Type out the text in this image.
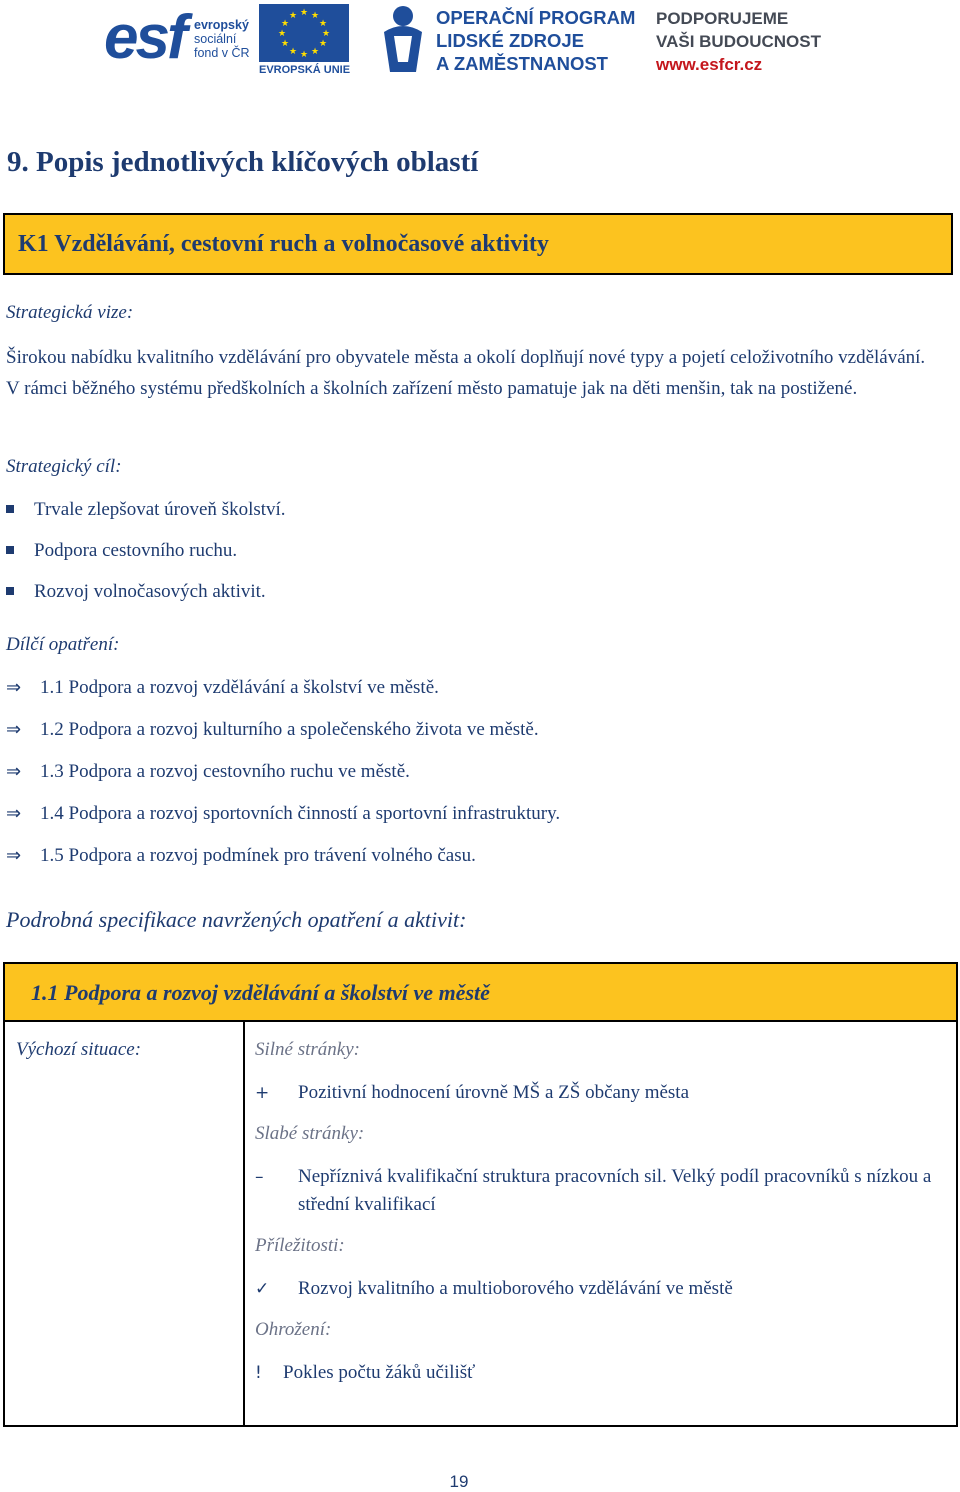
esf evropský
sociální
fond v ČR
★ ★
★
★
★
★
★
★
★
★
★
★
EVROPSKÁ UNIE
OPERAČNÍ PROGRAM
LIDSKÉ ZDROJE
A ZAMĚSTNANOST
PODPORUJEME
VAŠI BUDOUCNOST
www.esfcr.cz
9. Popis jednotlivých klíčových oblastí
K1 Vzdělávání, cestovní ruch a volnočasové aktivity

Strategická vize:

Širokou nabídku kvalitního vzdělávání pro obyvatele města a okolí doplňují nové typy a pojetí celoživotního vzdělávání. V rámci běžného systému předškolních a školních zařízení město pamatuje jak na děti menšin, tak na postižené.

Strategický cíl:

Trvale zlepšovat úroveň školství.
Podpora cestovního ruchu.
Rozvoj volnočasových aktivit.

Dílčí opatření:

⇒ 1.1 Podpora a rozvoj vzdělávání a školství ve městě.
⇒ 1.2 Podpora a rozvoj kulturního a společenského života ve městě.
⇒ 1.3 Podpora a rozvoj cestovního ruchu ve městě.
⇒ 1.4 Podpora a rozvoj sportovních činností a sportovní infrastruktury.
⇒ 1.5 Podpora a rozvoj podmínek pro trávení volného času.

Podrobná specifikace navržených opatření a aktivit:

1.1 Podpora a rozvoj vzdělávání a školství ve městě

Výchozí situace:	Silné stránky:
+	Pozitivní hodnocení úrovně MŠ a ZŠ občany města
Slabé stránky:
–	Nepříznivá kvalifikační struktura pracovních sil. Velký podíl pracovníků s nízkou a střední kvalifikací
Příležitosti:
✓	Rozvoj kvalitního a multioborového vzdělávání ve městě
Ohrožení:
!	Pokles počtu žáků učilišť
19
